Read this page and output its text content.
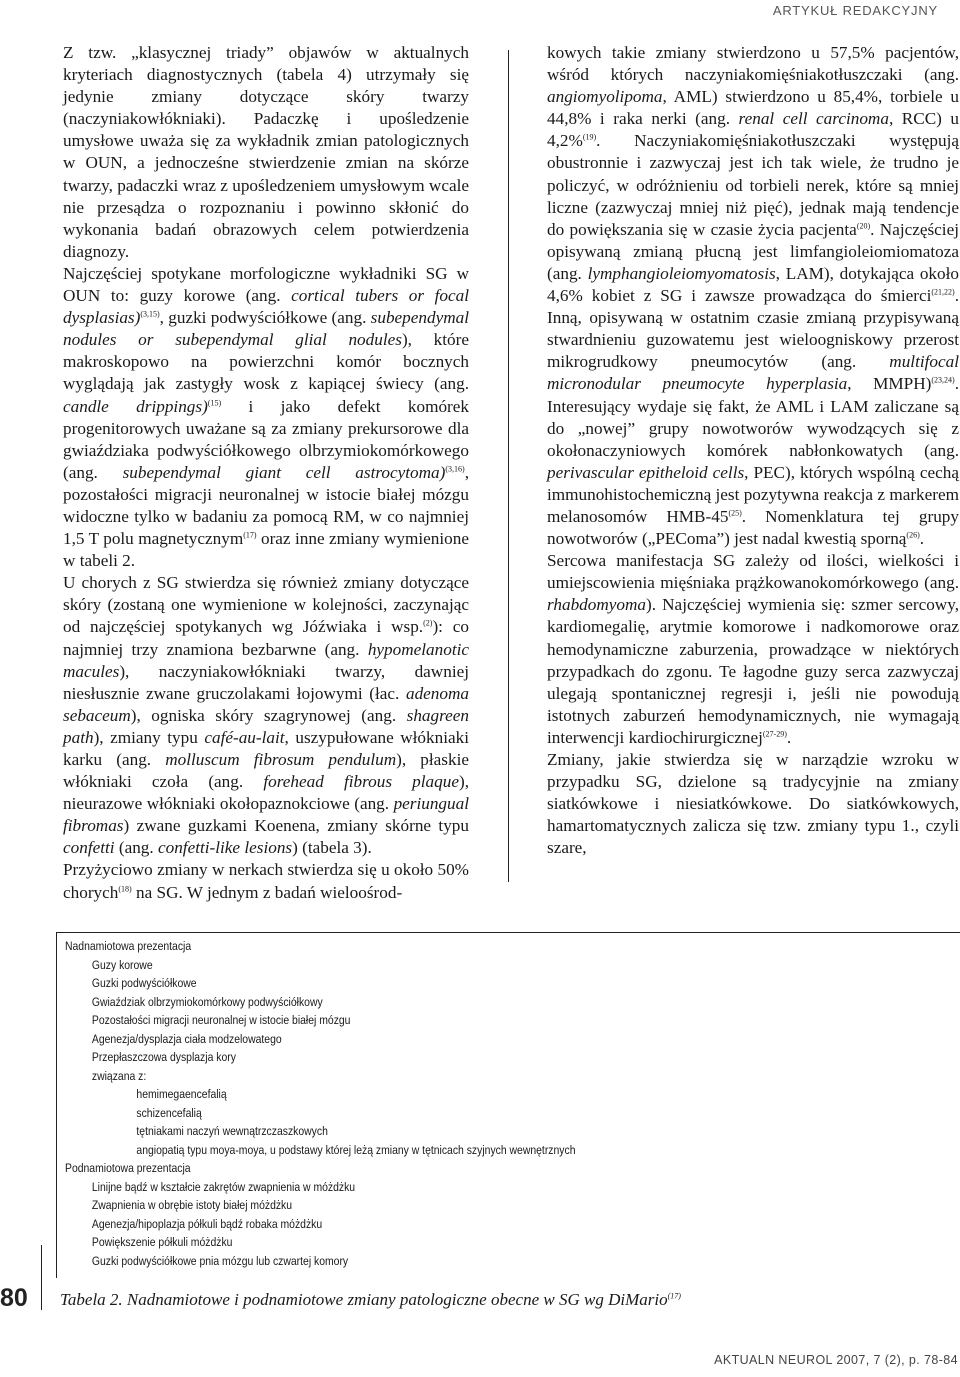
ARTYKUŁ REDAKCYJNY

Z tzw. „klasycznej triady” objawów w aktualnych kryteriach diagnostycznych (tabela 4) utrzymały się jedynie zmiany dotyczące skóry twarzy (naczyniakowłókniaki). Padaczkę i upośledzenie umysłowe uważa się za wykładnik zmian patologicznych w OUN, a jednocześne stwierdzenie zmian na skórze twarzy, padaczki wraz z upośledzeniem umysłowym wcale nie przesądza o rozpoznaniu i powinno skłonić do wykonania badań obrazowych celem potwierdzenia diagnozy.

Najczęściej spotykane morfologiczne wykładniki SG w OUN to: guzy korowe (ang. cortical tubers or focal dysplasias)$^{(3,15)}$, guzki podwyściółkowe (ang. subependymal nodules or subependymal glial nodules), które makroskopowo na powierzchni komór bocznych wyglądają jak zastygły wosk z kapiącej świecy (ang. candle drippings)$^{(15)}$ i jako defekt komórek progenitorowych uważane są za zmiany prekursorowe dla gwiaździaka podwyściółkowego olbrzymiokomórkowego (ang. subependymal giant cell astrocytoma)$^{(3,16)}$, pozostałości migracji neuronalnej w istocie białej mózgu widoczne tylko w badaniu za pomocą RM, w co najmniej 1,5 T polu magnetycznym$^{(17)}$ oraz inne zmiany wymienione w tabeli 2.

U chorych z SG stwierdza się również zmiany dotyczące skóry (zostaną one wymienione w kolejności, zaczynając od najczęściej spotykanych wg Jóźwiaka i wsp.$^{(2)}$): co najmniej trzy znamiona bezbarwne (ang. hypomelanotic macules), naczyniakowłókniaki twarzy, dawniej niesłusznie zwane gruczolakami łojowymi (łac. adenoma sebaceum), ogniska skóry szagrynowej (ang. shagreen path), zmiany typu café-au-lait, uszypułowane włókniaki karku (ang. molluscum fibrosum pendulum), płaskie włókniaki czoła (ang. forehead fibrous plaque), nieurazowe włókniaki okołopaznokciowe (ang. periungual fibromas) zwane guzkami Koenena, zmiany skórne typu confetti (ang. confetti-like lesions) (tabela 3).

Przyżyciowo zmiany w nerkach stwierdza się u około 50% chorych$^{(18)}$ na SG. W jednym z badań wieloośrod-

kowych takie zmiany stwierdzono u 57,5% pacjentów, wśród których naczyniakomięśniakotłuszczaki (ang. angiomyolipoma, AML) stwierdzono u 85,4%, torbiele u 44,8% i raka nerki (ang. renal cell carcinoma, RCC) u 4,2%$^{(19)}$. Naczyniakomięśniakotłuszczaki występują obustronnie i zazwyczaj jest ich tak wiele, że trudno je policzyć, w odróżnieniu od torbieli nerek, które są mniej liczne (zazwyczaj mniej niż pięć), jednak mają tendencje do powiększania się w czasie życia pacjenta$^{(20)}$. Najczęściej opisywaną zmianą płucną jest limfangioleiomiomatoza (ang. lymphangioleiomyomatosis, LAM), dotykająca około 4,6% kobiet z SG i zawsze prowadząca do śmierci$^{(21,22)}$. Inną, opisywaną w ostatnim czasie zmianą przypisywaną stwardnieniu guzowatemu jest wieloogniskowy przerost mikrogrudkowy pneumocytów (ang. multifocal micronodular pneumocyte hyperplasia, MMPH)$^{(23,24)}$. Interesujący wydaje się fakt, że AML i LAM zaliczane są do „nowej” grupy nowotworów wywodzących się z okołonaczyniowych komórek nabłonkowatych (ang. perivascular epitheloid cells, PEC), których wspólną cechą immunohistochemiczną jest pozytywna reakcja z markerem melanosomów HMB-45$^{(25)}$. Nomenklatura tej grupy nowotworów („PEComa”) jest nadal kwestią sporną$^{(26)}$.

Sercowa manifestacja SG zależy od ilości, wielkości i umiejscowienia mięśniaka prążkowanokomórkowego (ang. rhabdomyoma). Najczęściej wymienia się: szmer sercowy, kardiomegalię, arytmie komorowe i nadkomorowe oraz hemodynamiczne zaburzenia, prowadzące w niektórych przypadkach do zgonu. Te łagodne guzy serca zazwyczaj ulegają spontanicznej regresji i, jeśli nie powodują istotnych zaburzeń hemodynamicznych, nie wymagają interwencji kardiochirurgicznej$^{(27-29)}$.

Zmiany, jakie stwierdza się w narządzie wzroku w przypadku SG, dzielone są tradycyjnie na zmiany siatkówkowe i niesiatkówkowe. Do siatkówkowych, hamartomatycznych zalicza się tzw. zmiany typu 1., czyli szare,

Nadnamiotowa prezentacja
Guzy korowe
Guzki podwyściółkowe
Gwiaździak olbrzymiokomórkowy podwyściółkowy
Pozostałości migracji neuronalnej w istocie białej mózgu
Agenezja/dysplazja ciała modzelowatego
Przepłaszczowa dysplazja kory
związana z:
hemimegaencefalią
schizencefalią
tętniakami naczyń wewnątrzczaszkowych
angiopatią typu moya-moya, u podstawy której leżą zmiany w tętnicach szyjnych wewnętrznych
Podnamiotowa prezentacja
Linijne bądź w kształcie zakrętów zwapnienia w móżdżku
Zwapnienia w obrębie istoty białej móżdżku
Agenezja/hipoplazja półkuli bądź robaka móżdżku
Powiększenie półkuli móżdżku
Guzki podwyściółkowe pnia mózgu lub czwartej komory
80 Tabela 2. Nadnamiotowe i podnamiotowe zmiany patologiczne obecne w SG wg DiMario$^{(17)}$
AKTUALN NEUROL 2007, 7 (2), p. 78-84
